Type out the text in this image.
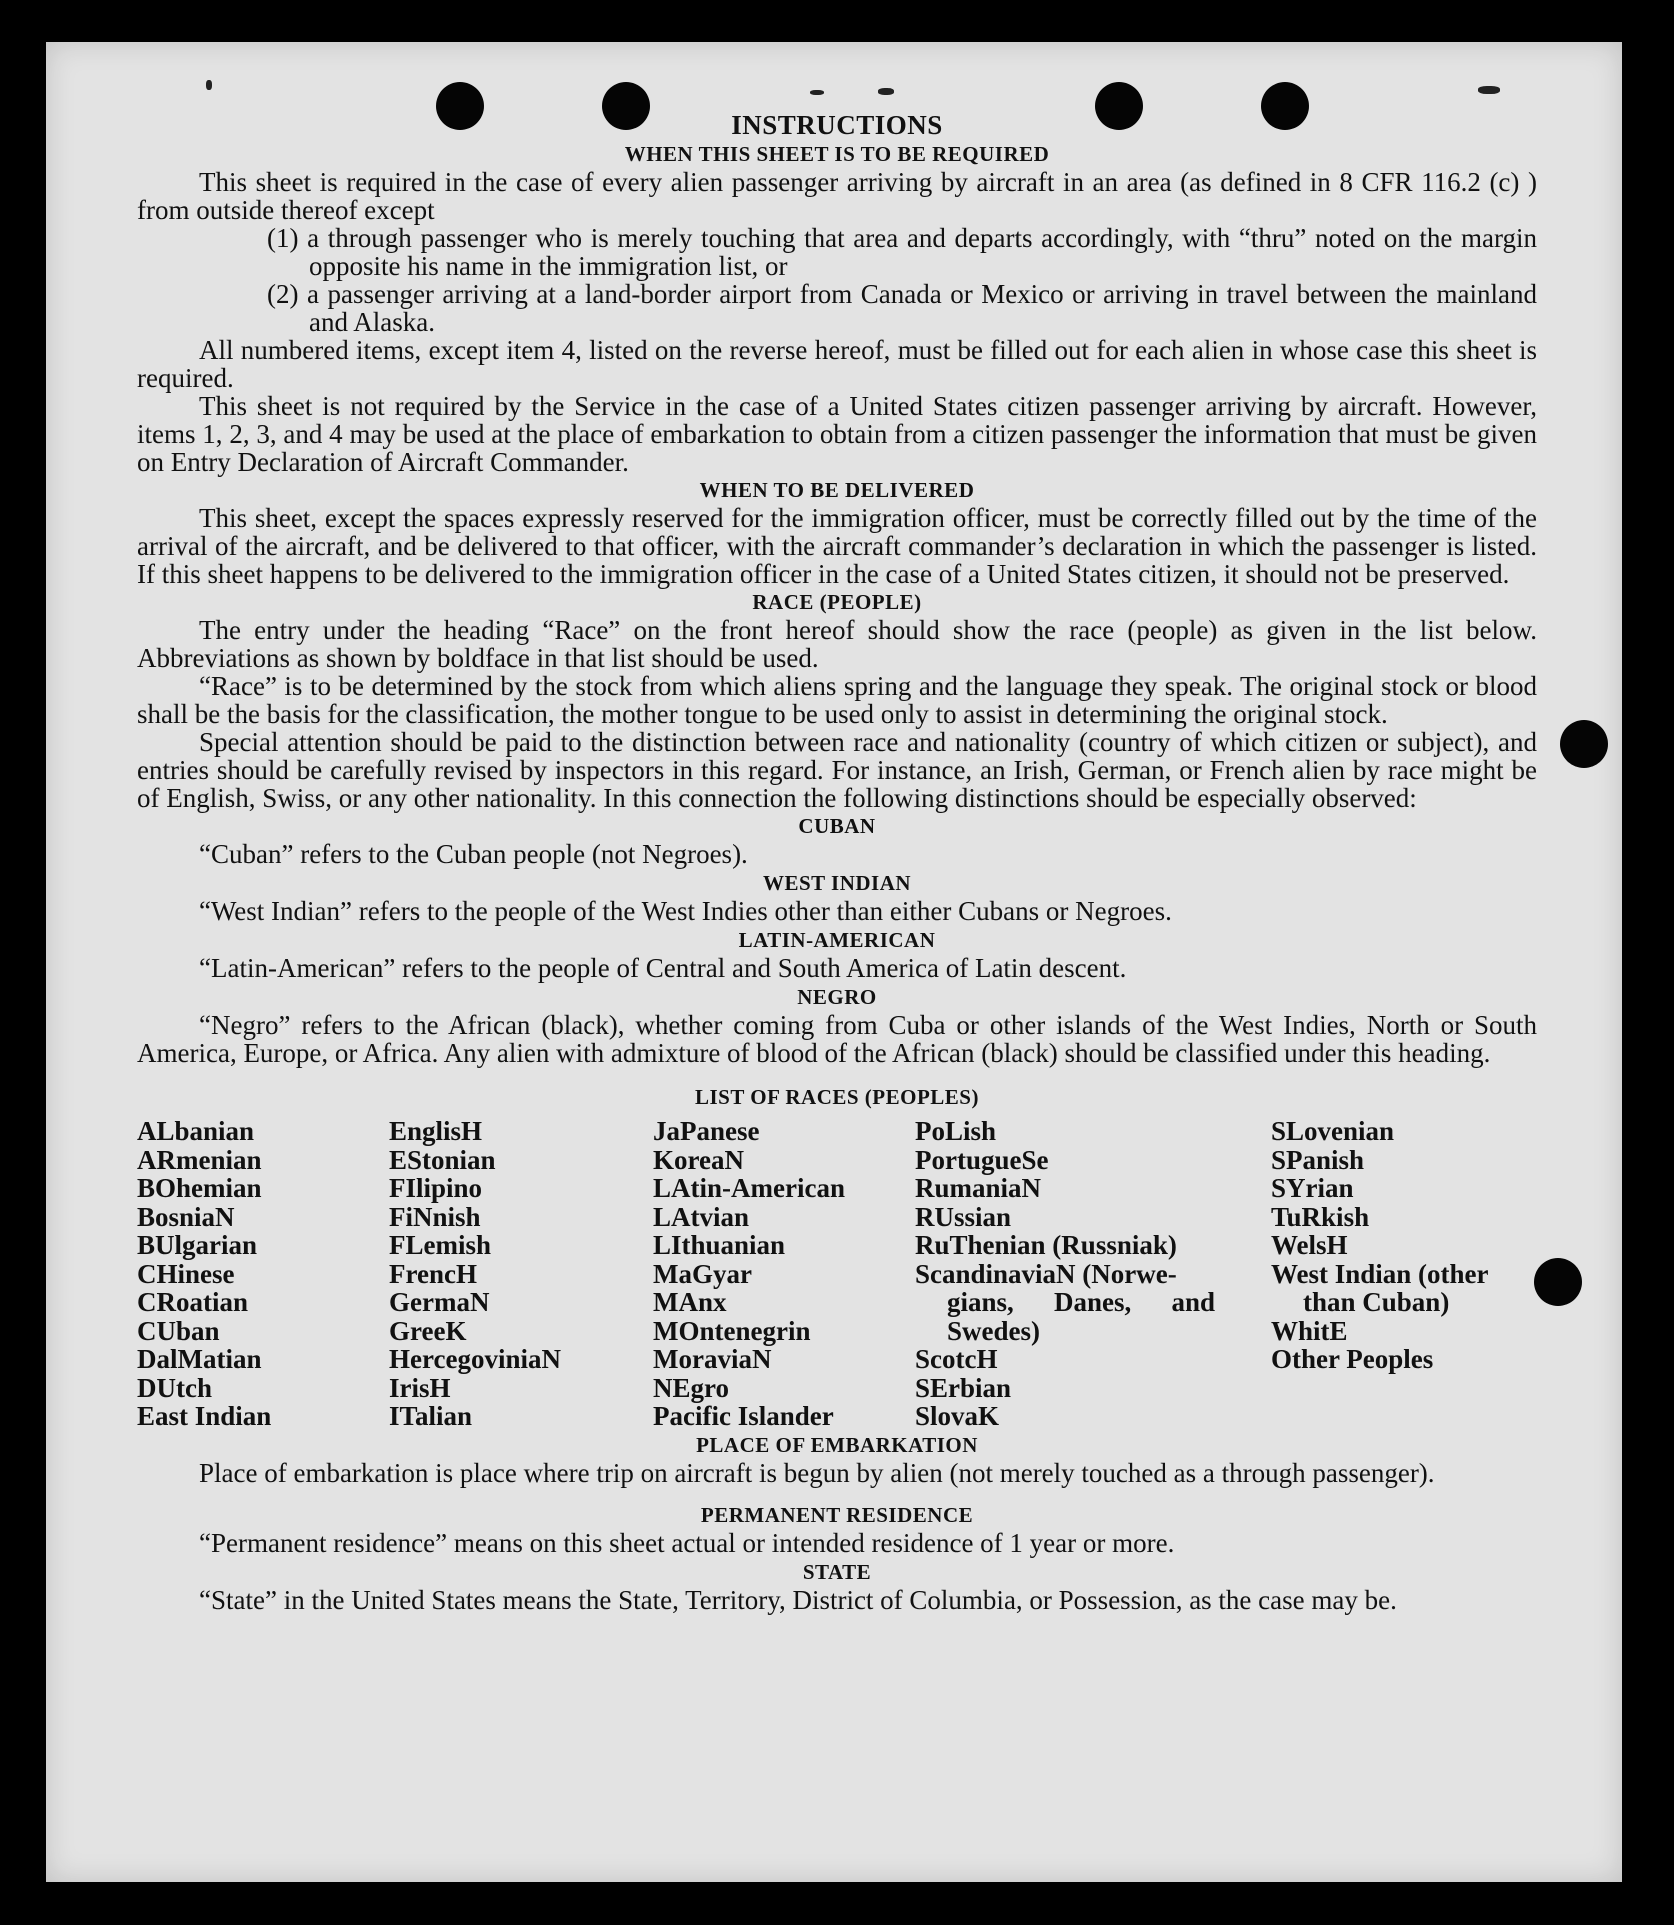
INSTRUCTIONS
WHEN THIS SHEET IS TO BE REQUIRED

This sheet is required in the case of every alien passenger arriving by aircraft in an area (as defined in 8 CFR 116.2 (c) ) from outside thereof except

(1) a through passenger who is merely touching that area and departs accordingly, with “thru” noted on the margin opposite his name in the immigration list, or

(2) a passenger arriving at a land-border airport from Canada or Mexico or arriving in travel between the mainland and Alaska.

All numbered items, except item 4, listed on the reverse hereof, must be filled out for each alien in whose case this sheet is required.

This sheet is not required by the Service in the case of a United States citizen passenger arriving by aircraft. However, items 1, 2, 3, and 4 may be used at the place of embarkation to obtain from a citizen passenger the information that must be given on Entry Declaration of Aircraft Commander.

WHEN TO BE DELIVERED

This sheet, except the spaces expressly reserved for the immigration officer, must be correctly filled out by the time of the arrival of the aircraft, and be delivered to that officer, with the aircraft commander’s declaration in which the passenger is listed. If this sheet happens to be delivered to the immigration officer in the case of a United States citizen, it should not be preserved.

RACE (PEOPLE)

The entry under the heading “Race” on the front hereof should show the race (people) as given in the list below. Abbreviations as shown by boldface in that list should be used.

“Race” is to be determined by the stock from which aliens spring and the language they speak. The original stock or blood shall be the basis for the classification, the mother tongue to be used only to assist in determining the original stock.

Special attention should be paid to the distinction between race and nationality (country of which citizen or subject), and entries should be carefully revised by inspectors in this regard. For instance, an Irish, German, or French alien by race might be of English, Swiss, or any other nationality. In this connection the following distinctions should be especially observed:

CUBAN
“Cuban” refers to the Cuban people (not Negroes).
WEST INDIAN
“West Indian” refers to the people of the West Indies other than either Cubans or Negroes.
LATIN-AMERICAN
“Latin-American” refers to the people of Central and South America of Latin descent.
NEGRO

“Negro” refers to the African (black), whether coming from Cuba or other islands of the West Indies, North or South America, Europe, or Africa. Any alien with admixture of blood of the African (black) should be classified under this heading.

LIST OF RACES (PEOPLES)
ALbanian
ARmenian
BOhemian
BosniaN
BUlgarian
CHinese
CRoatian
CUban
DalMatian
DUtch
East Indian
EnglisH
EStonian
FIlipino
FiNnish
FLemish
FrencH
GermaN
GreeK
HercegoviniaN
IrisH
ITalian
JaPanese
KoreaN
LAtin-American
LAtvian
LIthuanian
MaGyar
MAnx
MOntenegrin
MoraviaN
NEgro
Pacific Islander
PoLish
PortugueSe
RumaniaN
RUssian
RuThenian (Russniak)
ScandinaviaN (Norwe-
gians, Danes, and
Swedes)
ScotcH
SErbian
SlovaK
SLovenian
SPanish
SYrian
TuRkish
WelsH
West Indian (other
than Cuban)
WhitE
Other Peoples
PLACE OF EMBARKATION

Place of embarkation is place where trip on aircraft is begun by alien (not merely touched as a through passenger).

PERMANENT RESIDENCE
“Permanent residence” means on this sheet actual or intended residence of 1 year or more.
STATE

“State” in the United States means the State, Territory, District of Columbia, or Possession, as the case may be.
